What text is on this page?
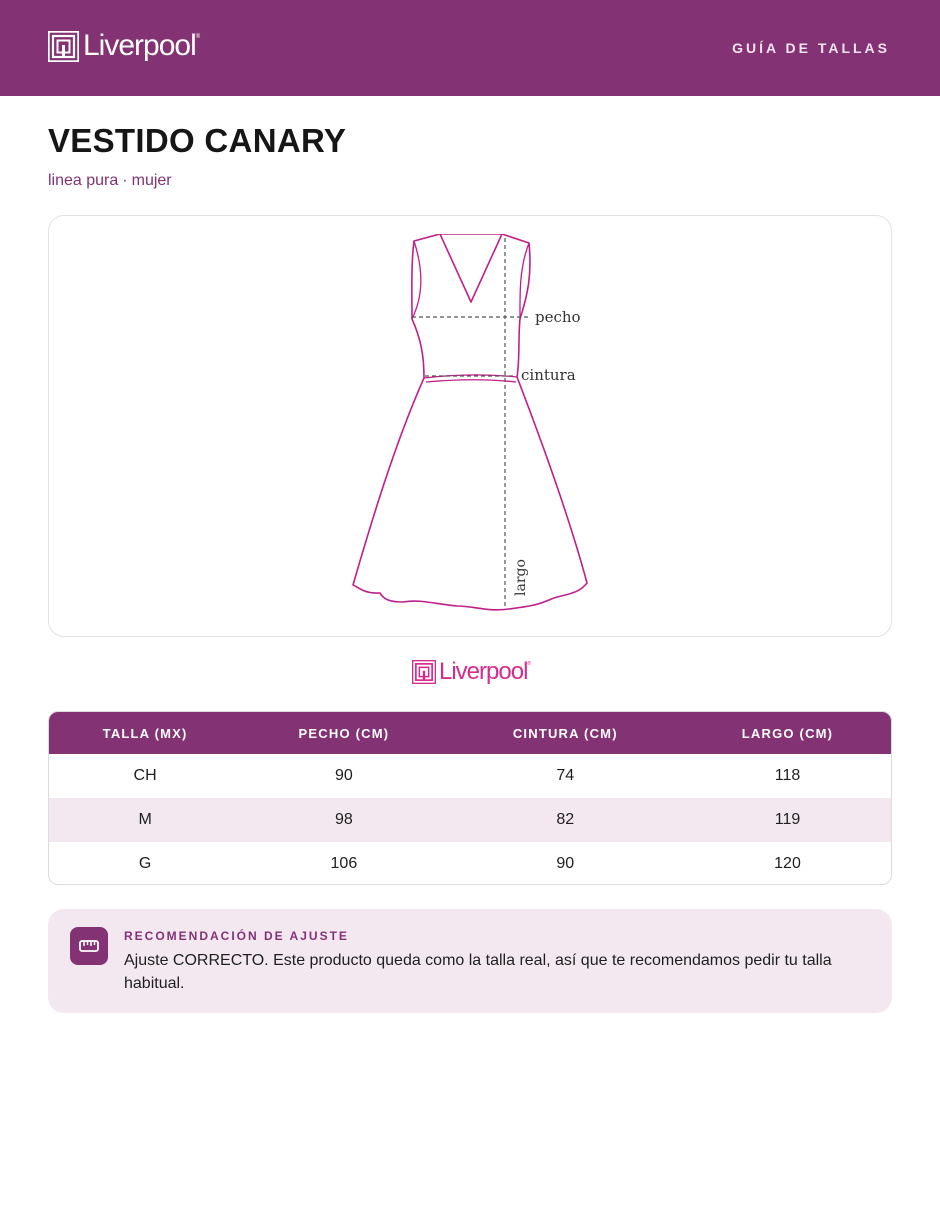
Liverpool ®
GUÍA DE TALLAS
VESTIDO CANARY
linea pura · mujer
pecho
cintura
largo
Liverpool ®
TALLA (MX)	PECHO (CM)	CINTURA (CM)	LARGO (CM)
CH	90	74	118
M	98	82	119
G	106	90	120
RECOMENDACIÓN DE AJUSTE
Ajuste CORRECTO. Este producto queda como la talla real, así que te recomendamos pedir tu talla habitual.
